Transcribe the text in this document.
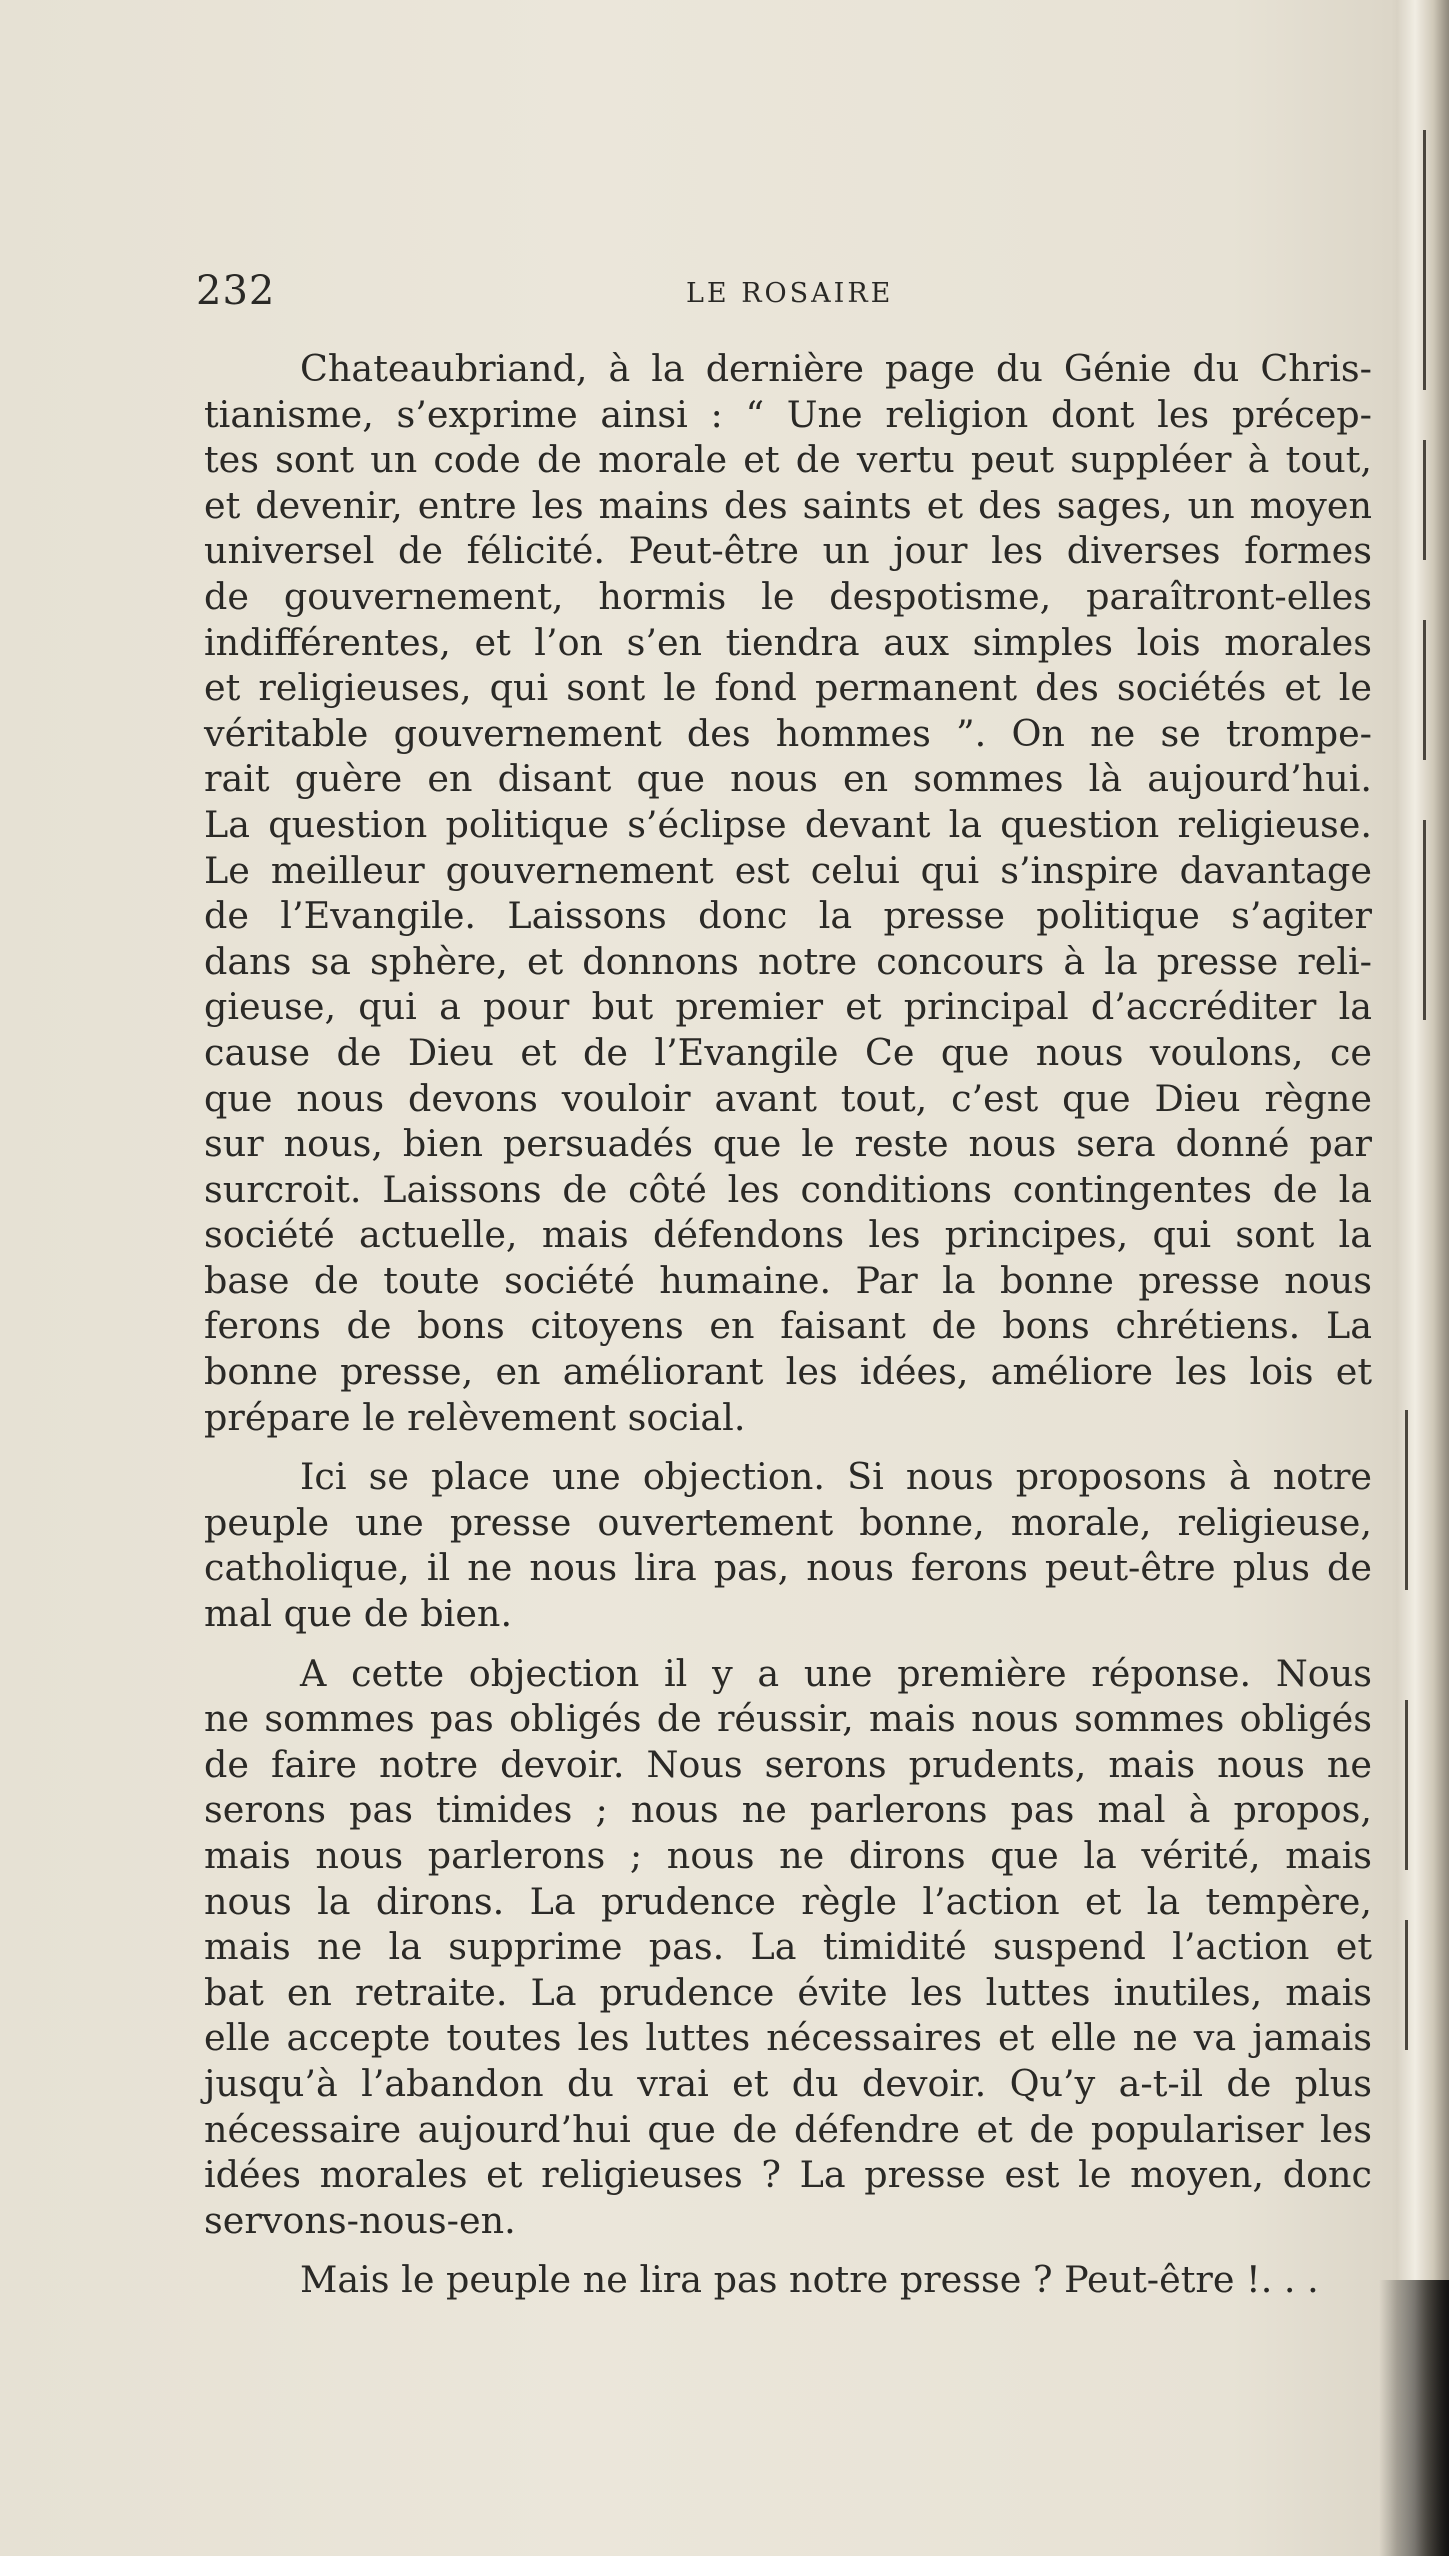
232	LE ROSAIRE
Chateaubriand, à la dernière page du Génie du Chris-
tianisme, s’exprime ainsi : “ Une religion dont les précep-
tes sont un code de morale et de vertu peut suppléer à tout,
et devenir, entre les mains des saints et des sages, un moyen
universel de félicité. Peut-être un jour les diverses formes
de gouvernement, hormis le despotisme, paraîtront-elles
indifférentes, et l’on s’en tiendra aux simples lois morales
et religieuses, qui sont le fond permanent des sociétés et le
véritable gouvernement des hommes ”. On ne se trompe-
rait guère en disant que nous en sommes là aujourd’hui.
La question politique s’éclipse devant la question religieuse.
Le meilleur gouvernement est celui qui s’inspire davantage
de l’Evangile. Laissons donc la presse politique s’agiter
dans sa sphère, et donnons notre concours à la presse reli-
gieuse, qui a pour but premier et principal d’accréditer la
cause de Dieu et de l’Evangile Ce que nous voulons, ce
que nous devons vouloir avant tout, c’est que Dieu règne
sur nous, bien persuadés que le reste nous sera donné par
surcroit. Laissons de côté les conditions contingentes de la
société actuelle, mais défendons les principes, qui sont la
base de toute société humaine. Par la bonne presse nous
ferons de bons citoyens en faisant de bons chrétiens. La
bonne presse, en améliorant les idées, améliore les lois et
prépare le relèvement social.
Ici se place une objection. Si nous proposons à notre
peuple une presse ouvertement bonne, morale, religieuse,
catholique, il ne nous lira pas, nous ferons peut-être plus de
mal que de bien.
A cette objection il y a une première réponse. Nous
ne sommes pas obligés de réussir, mais nous sommes obligés
de faire notre devoir. Nous serons prudents, mais nous ne
serons pas timides ; nous ne parlerons pas mal à propos,
mais nous parlerons ; nous ne dirons que la vérité, mais
nous la dirons. La prudence règle l’action et la tempère,
mais ne la supprime pas. La timidité suspend l’action et
bat en retraite. La prudence évite les luttes inutiles, mais
elle accepte toutes les luttes nécessaires et elle ne va jamais
jusqu’à l’abandon du vrai et du devoir. Qu’y a-t-il de plus
nécessaire aujourd’hui que de défendre et de populariser les
idées morales et religieuses ? La presse est le moyen, donc
servons-nous-en.
Mais le peuple ne lira pas notre presse ? Peut-être !. . .
